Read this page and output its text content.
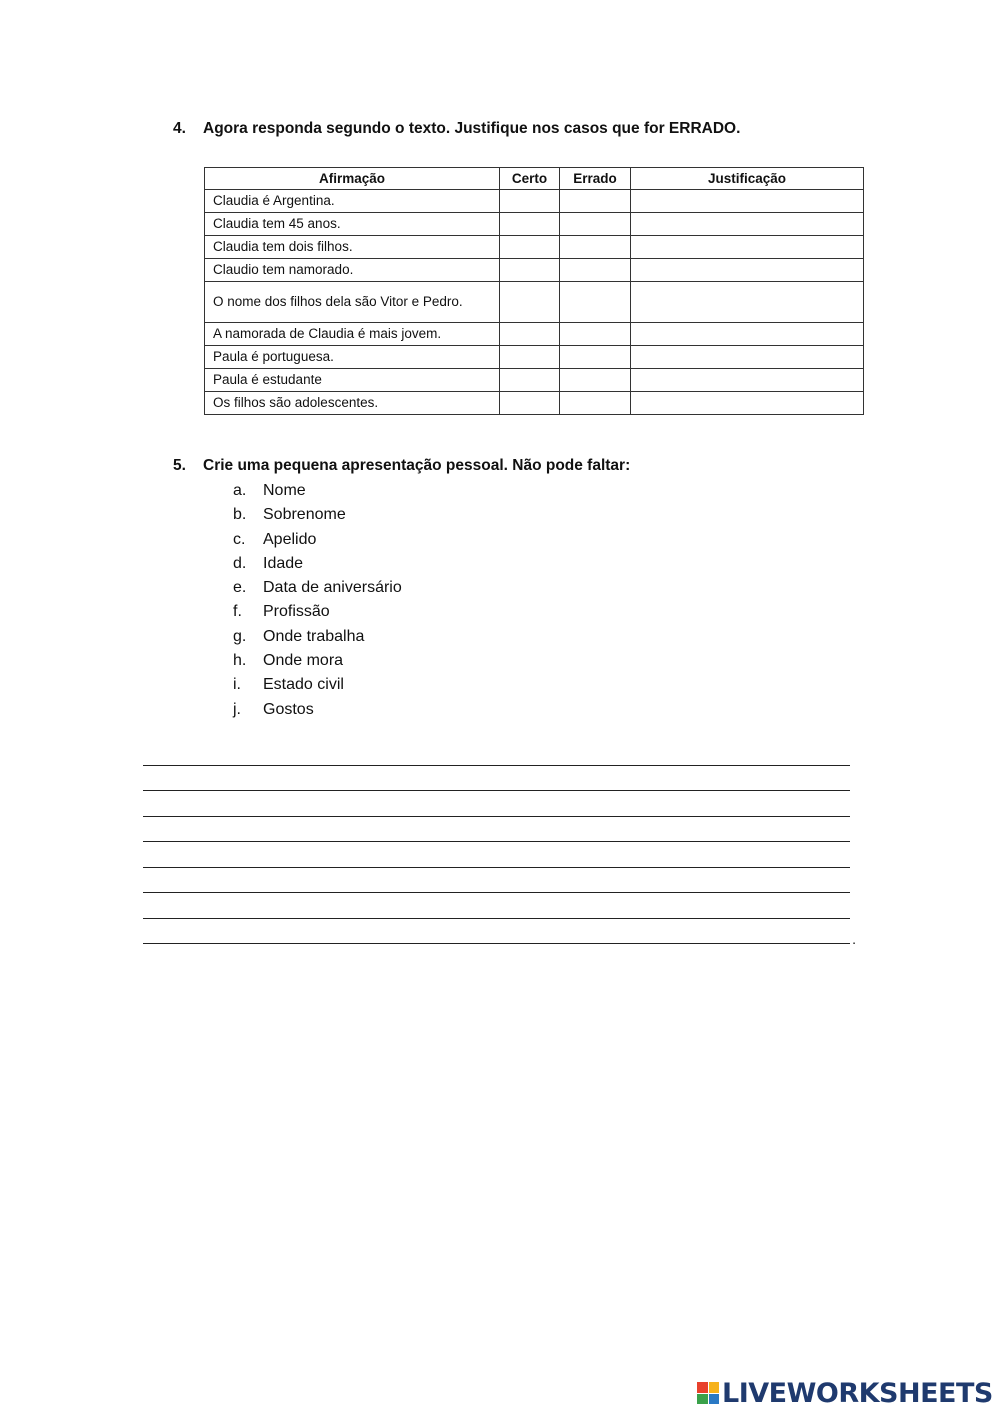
4. Agora responda segundo o texto. Justifique nos casos que for ERRADO.
Afirmação	Certo	Errado	Justificação
Claudia é Argentina.			
Claudia tem 45 anos.			
Claudia tem dois filhos.			
Claudio tem namorado.			
O nome dos filhos dela são Vitor e Pedro.			
A namorada de Claudia é mais jovem.			
Paula é portuguesa.			
Paula é estudante			
Os filhos são adolescentes.			
5. Crie uma pequena apresentação pessoal. Não pode faltar:
a. Nome
b. Sobrenome
c. Apelido
d. Idade
e. Data de aniversário
f. Profissão
g. Onde trabalha
h. Onde mora
i. Estado civil
j. Gostos
.
LIVEWORKSHEETS
